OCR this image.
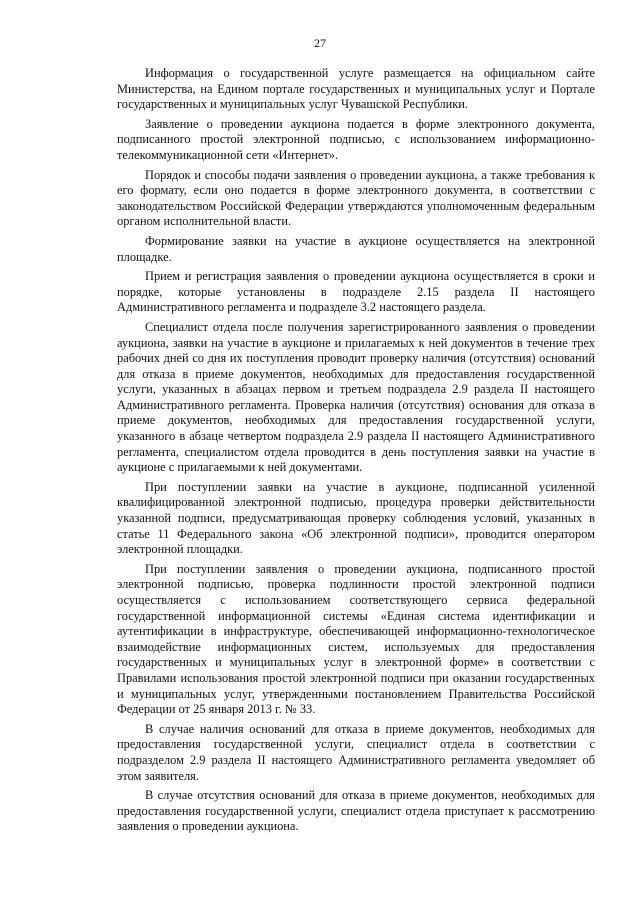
27

Информация о государственной услуге размещается на официальном сайте Министерства, на Едином портале государственных и муниципальных услуг и Портале государственных и муниципальных услуг Чувашской Республики.

Заявление о проведении аукциона подается в форме электронного документа, подписанного простой электронной подписью, с использованием информационно-телекоммуникационной сети «Интернет».

Порядок и способы подачи заявления о проведении аукциона, а также требования к его формату, если оно подается в форме электронного документа, в соответствии с законодательством Российской Федерации утверждаются уполномоченным федеральным органом исполнительной власти.

Формирование заявки на участие в аукционе осуществляется на электронной площадке.

Прием и регистрация заявления о проведении аукциона осуществляется в сроки и порядке, которые установлены в подразделе 2.15 раздела II настоящего Административного регламента и подразделе 3.2 настоящего раздела.

Специалист отдела после получения зарегистрированного заявления о проведении аукциона, заявки на участие в аукционе и прилагаемых к ней документов в течение трех рабочих дней со дня их поступления проводит проверку наличия (отсутствия) оснований для отказа в приеме документов, необходимых для предоставления государственной услуги, указанных в абзацах первом и третьем подраздела 2.9 раздела II настоящего Административного регламента. Проверка наличия (отсутствия) основания для отказа в приеме документов, необходимых для предоставления государственной услуги, указанного в абзаце четвертом подраздела 2.9 раздела II настоящего Административного регламента, специалистом отдела проводится в день поступления заявки на участие в аукционе с прилагаемыми к ней документами.

При поступлении заявки на участие в аукционе, подписанной усиленной квалифицированной электронной подписью, процедура проверки действительности указанной подписи, предусматривающая проверку соблюдения условий, указанных в статье 11 Федерального закона «Об электронной подписи», проводится оператором электронной площадки.

При поступлении заявления о проведении аукциона, подписанного простой электронной подписью, проверка подлинности простой электронной подписи осуществляется с использованием соответствующего сервиса федеральной государственной информационной системы «Единая система идентификации и аутентификации в инфраструктуре, обеспечивающей информационно-технологическое взаимодействие информационных систем, используемых для предоставления государственных и муниципальных услуг в электронной форме» в соответствии с Правилами использования простой электронной подписи при оказании государственных и муниципальных услуг, утвержденными постановлением Правительства Российской Федерации от 25 января 2013 г. № 33.

В случае наличия оснований для отказа в приеме документов, необходимых для предоставления государственной услуги, специалист отдела в соответствии с подразделом 2.9 раздела II настоящего Административного регламента уведомляет об этом заявителя.

В случае отсутствия оснований для отказа в приеме документов, необходимых для предоставления государственной услуги, специалист отдела приступает к рассмотрению заявления о проведении аукциона.
